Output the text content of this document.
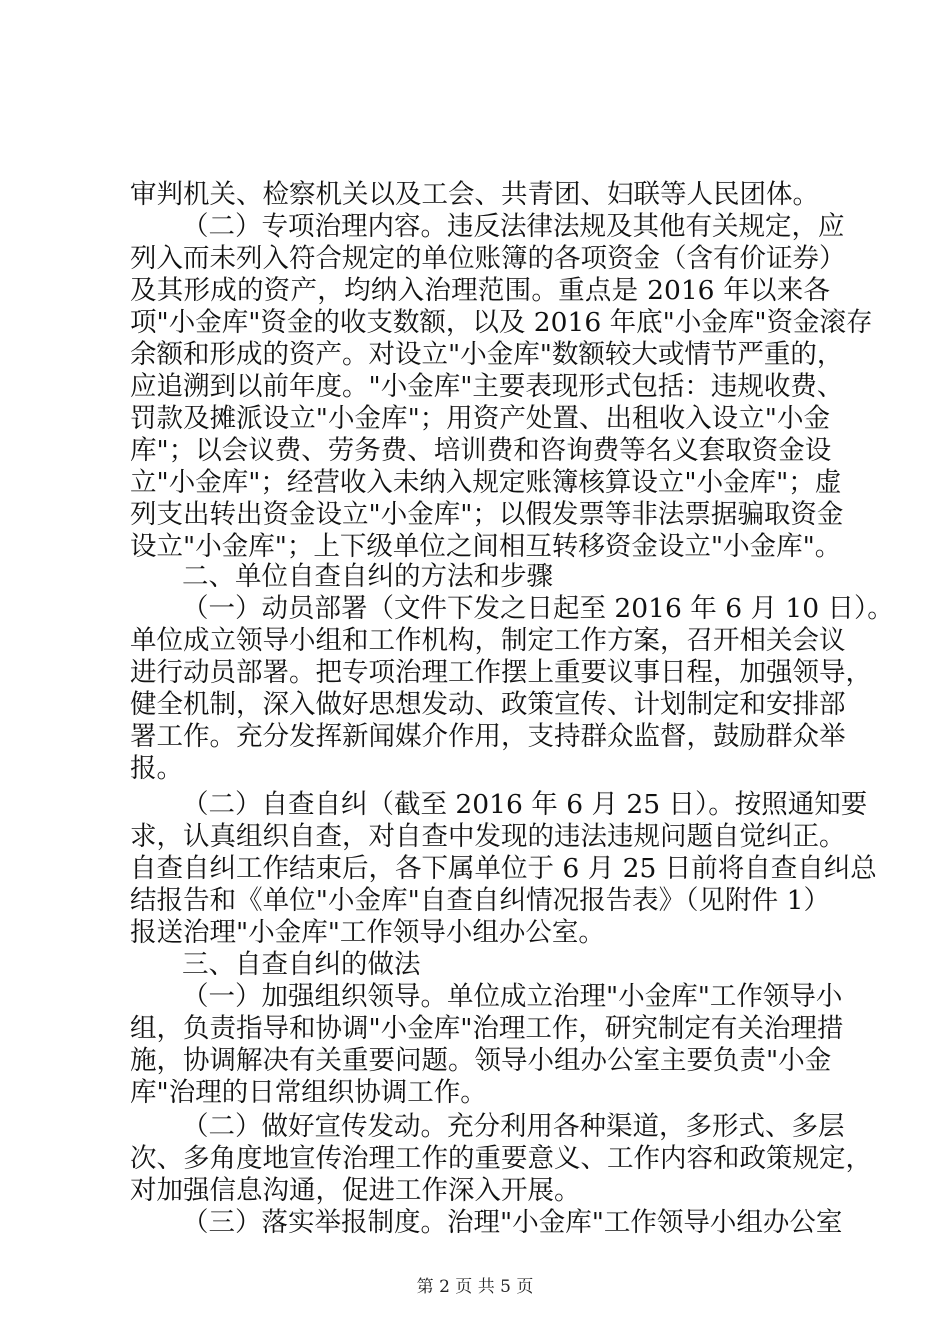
审判机关、检察机关以及工会、共青团、妇联等人民团体。
（二）专项治理内容。违反法律法规及其他有关规定，应
列入而未列入符合规定的单位账簿的各项资金（含有价证券）
及其形成的资产，均纳入治理范围。重点是 2016 年以来各
项"小金库"资金的收支数额，以及 2016 年底"小金库"资金滚存
余额和形成的资产。对设立"小金库"数额较大或情节严重的，
应追溯到以前年度。"小金库"主要表现形式包括：违规收费、
罚款及摊派设立"小金库"；用资产处置、出租收入设立"小金
库"；以会议费、劳务费、培训费和咨询费等名义套取资金设
立"小金库"；经营收入未纳入规定账簿核算设立"小金库"；虚
列支出转出资金设立"小金库"；以假发票等非法票据骗取资金
设立"小金库"；上下级单位之间相互转移资金设立"小金库"。
二、单位自查自纠的方法和步骤
（一）动员部署（文件下发之日起至 2016 年 6 月 10 日）。
单位成立领导小组和工作机构，制定工作方案，召开相关会议
进行动员部署。把专项治理工作摆上重要议事日程，加强领导，
健全机制，深入做好思想发动、政策宣传、计划制定和安排部
署工作。充分发挥新闻媒介作用，支持群众监督，鼓励群众举
报。
（二）自查自纠（截至 2016 年 6 月 25 日）。按照通知要
求，认真组织自查，对自查中发现的违法违规问题自觉纠正。
自查自纠工作结束后，各下属单位于 6 月 25 日前将自查自纠总
结报告和《单位"小金库"自查自纠情况报告表》（见附件 1）
报送治理"小金库"工作领导小组办公室。
三、自查自纠的做法
（一）加强组织领导。单位成立治理"小金库"工作领导小
组，负责指导和协调"小金库"治理工作，研究制定有关治理措
施，协调解决有关重要问题。领导小组办公室主要负责"小金
库"治理的日常组织协调工作。
（二）做好宣传发动。充分利用各种渠道，多形式、多层
次、多角度地宣传治理工作的重要意义、工作内容和政策规定，
对加强信息沟通，促进工作深入开展。
（三）落实举报制度。治理"小金库"工作领导小组办公室
第 2 页 共 5 页
